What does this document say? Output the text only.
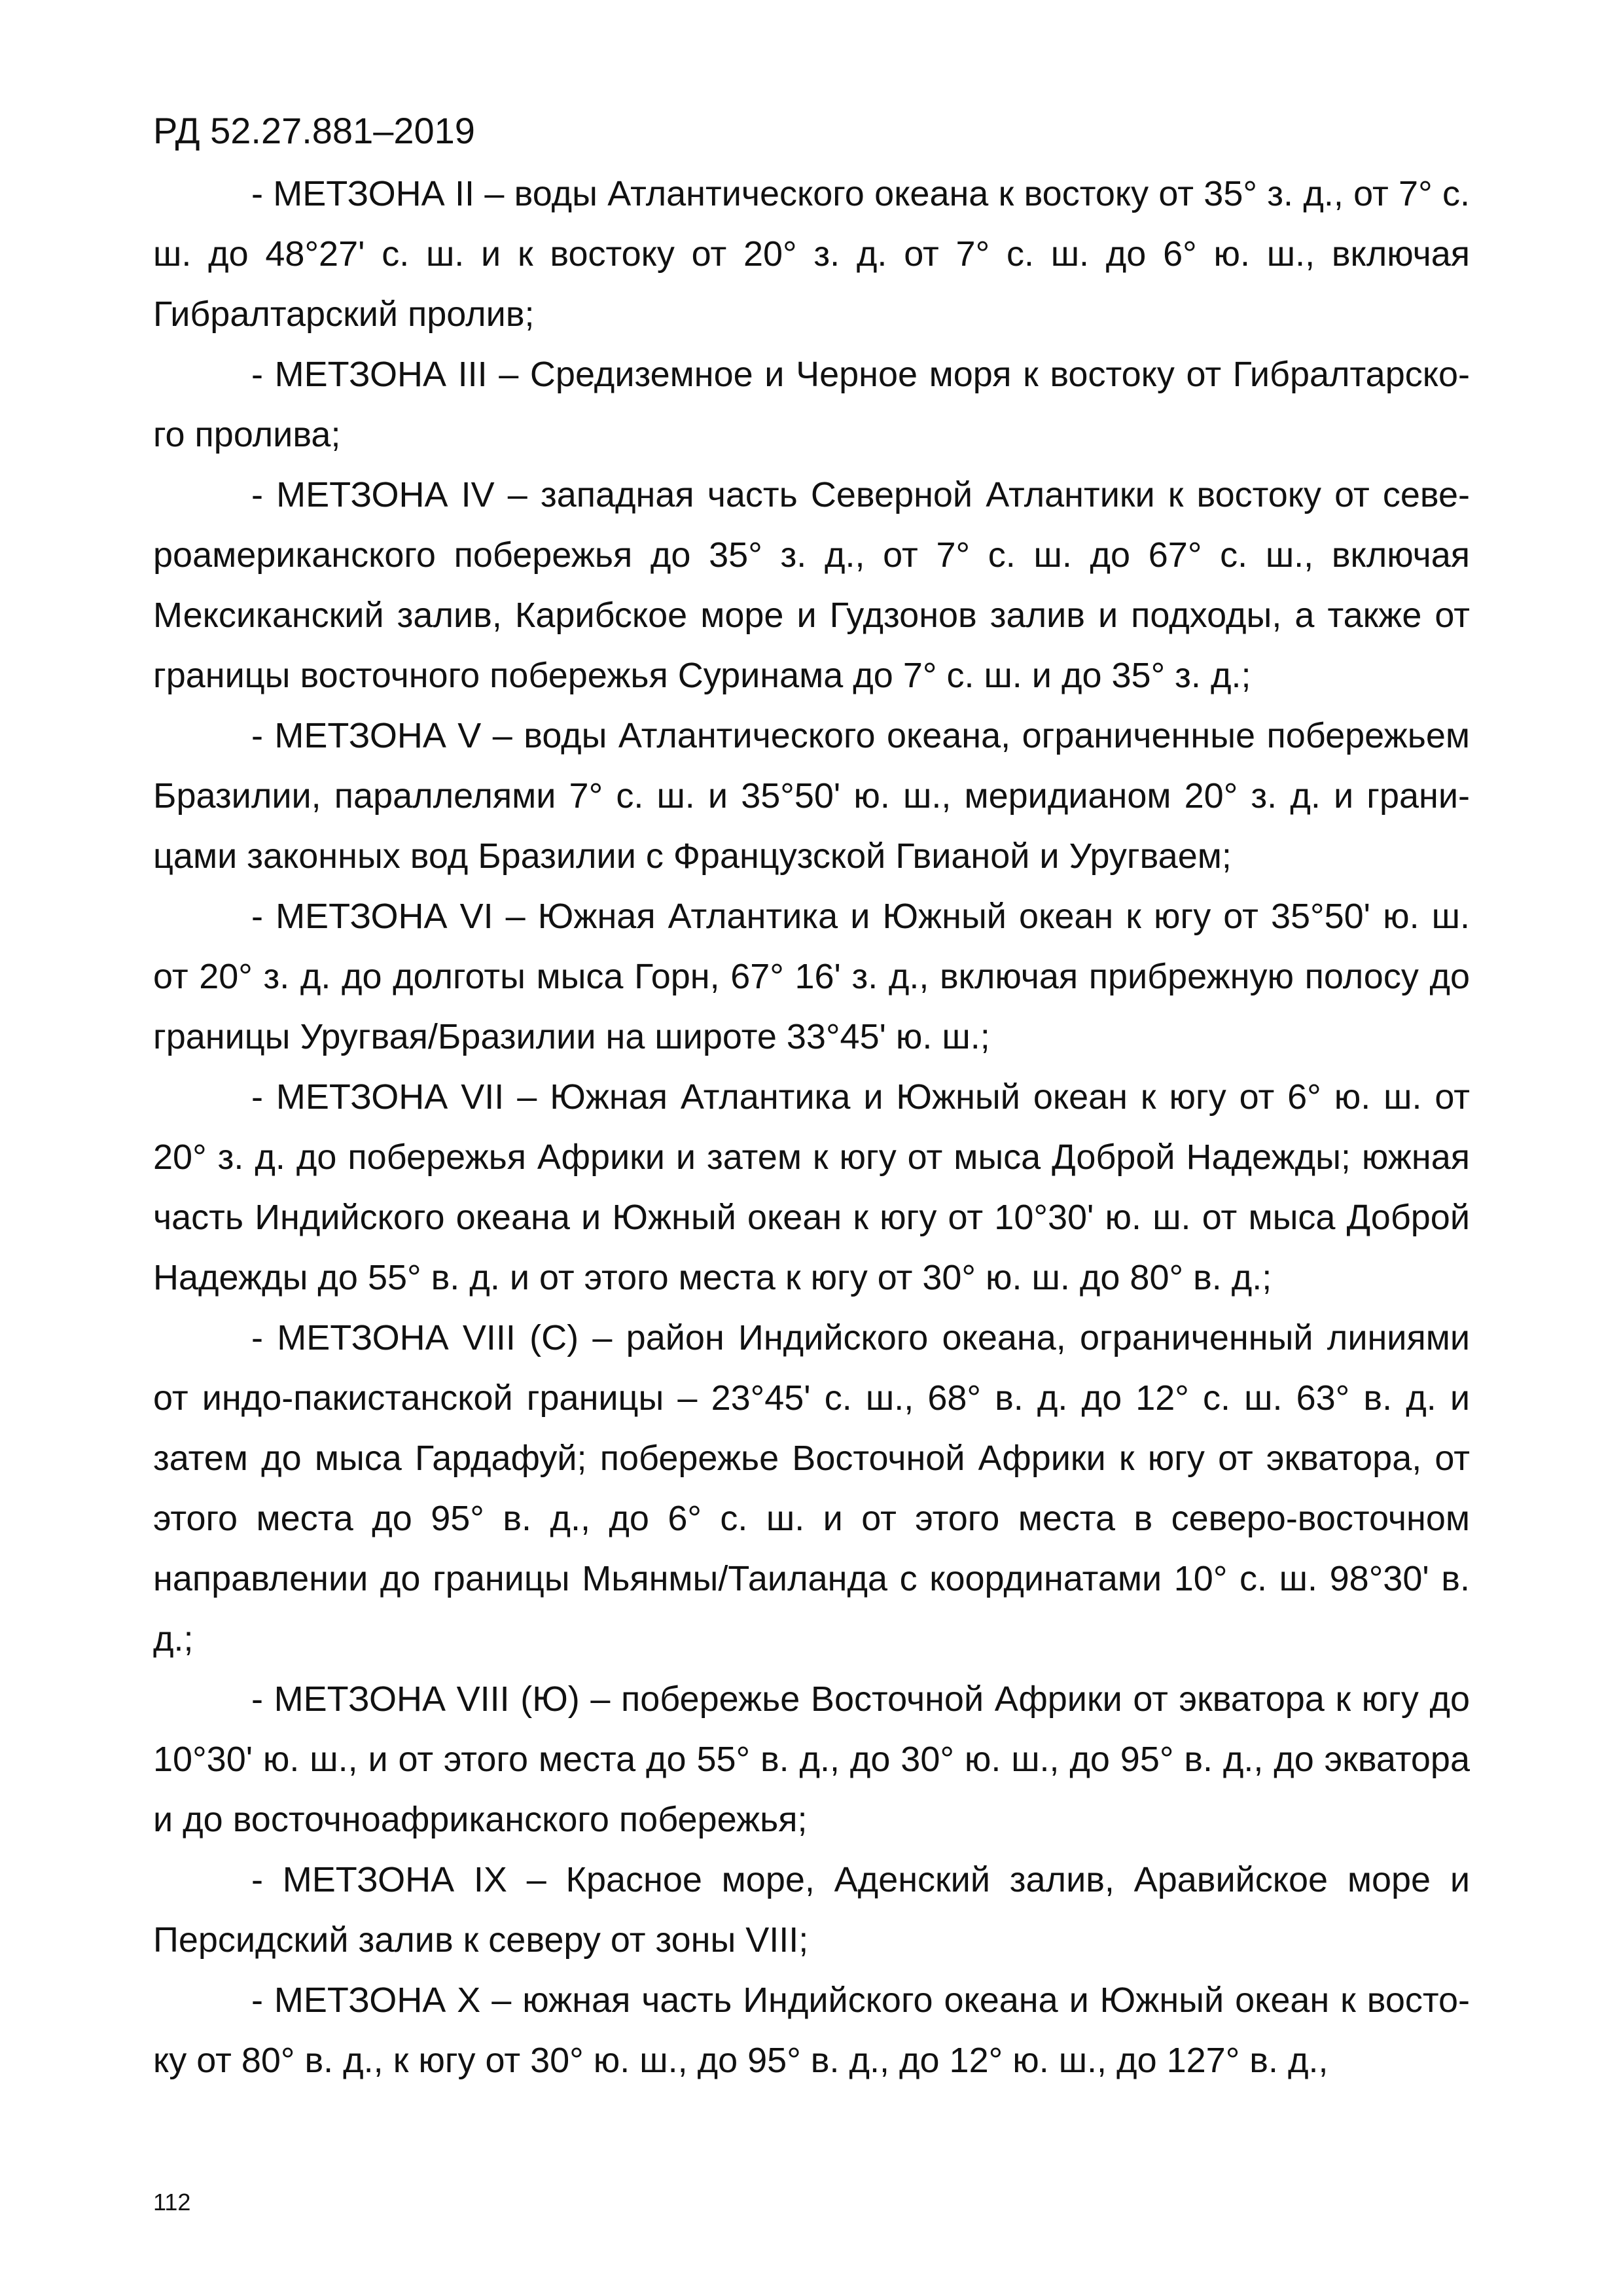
РД 52.27.881–2019

- МЕТЗОНА II – воды Атлантического океана к востоку от 35° з. д., от 7° с. ш. до 48°27' с. ш. и к востоку от 20° з. д. от 7° с. ш. до 6° ю. ш., включая Гибралтарский пролив;

- МЕТЗОНА III – Средиземное и Черное моря к востоку от Гибралтарского пролива;

- МЕТЗОНА IV – западная часть Северной Атлантики к востоку от североамериканского побережья до 35° з. д., от 7° с. ш. до 67° с. ш., включая Мексиканский залив, Карибское море и Гудзонов залив и подходы, а также от границы восточного побережья Суринама до 7° с. ш. и до 35° з. д.;

- МЕТЗОНА V – воды Атлантического океана, ограниченные побережьем Бразилии, параллелями 7° с. ш. и 35°50' ю. ш., меридианом 20° з. д. и границами законных вод Бразилии с Французской Гвианой и Уругваем;

- МЕТЗОНА VI – Южная Атлантика и Южный океан к югу от 35°50' ю. ш. от 20° з. д. до долготы мыса Горн, 67° 16' з. д., включая прибрежную полосу до границы Уругвая/Бразилии на широте 33°45' ю. ш.;

- МЕТЗОНА VII – Южная Атлантика и Южный океан к югу от 6° ю. ш. от 20° з. д. до побережья Африки и затем к югу от мыса Доброй Надежды; южная часть Индийского океана и Южный океан к югу от 10°30' ю. ш. от мыса Доброй Надежды до 55° в. д. и от этого места к югу от 30° ю. ш. до 80° в. д.;

- МЕТЗОНА VIII (С) – район Индийского океана, ограниченный линиями от индо-пакистанской границы – 23°45' с. ш., 68° в. д. до 12° с. ш. 63° в. д. и затем до мыса Гардафуй; побережье Восточной Африки к югу от экватора, от этого места до 95° в. д., до 6° с. ш. и от этого места в северо-восточном направлении до границы Мьянмы/Таиланда с координатами 10° с. ш. 98°30' в. д.;

- МЕТЗОНА VIII (Ю) – побережье Восточной Африки от экватора к югу до 10°30' ю. ш., и от этого места до 55° в. д., до 30° ю. ш., до 95° в. д., до экватора и до восточноафриканского побережья;

- МЕТЗОНА IX – Красное море, Аденский залив, Аравийское море и Персидский залив к северу от зоны VIII;

- МЕТЗОНА X – южная часть Индийского океана и Южный океан к востоку от 80° в. д., к югу от 30° ю. ш., до 95° в. д., до 12° ю. ш., до 127° в. д.,

112
